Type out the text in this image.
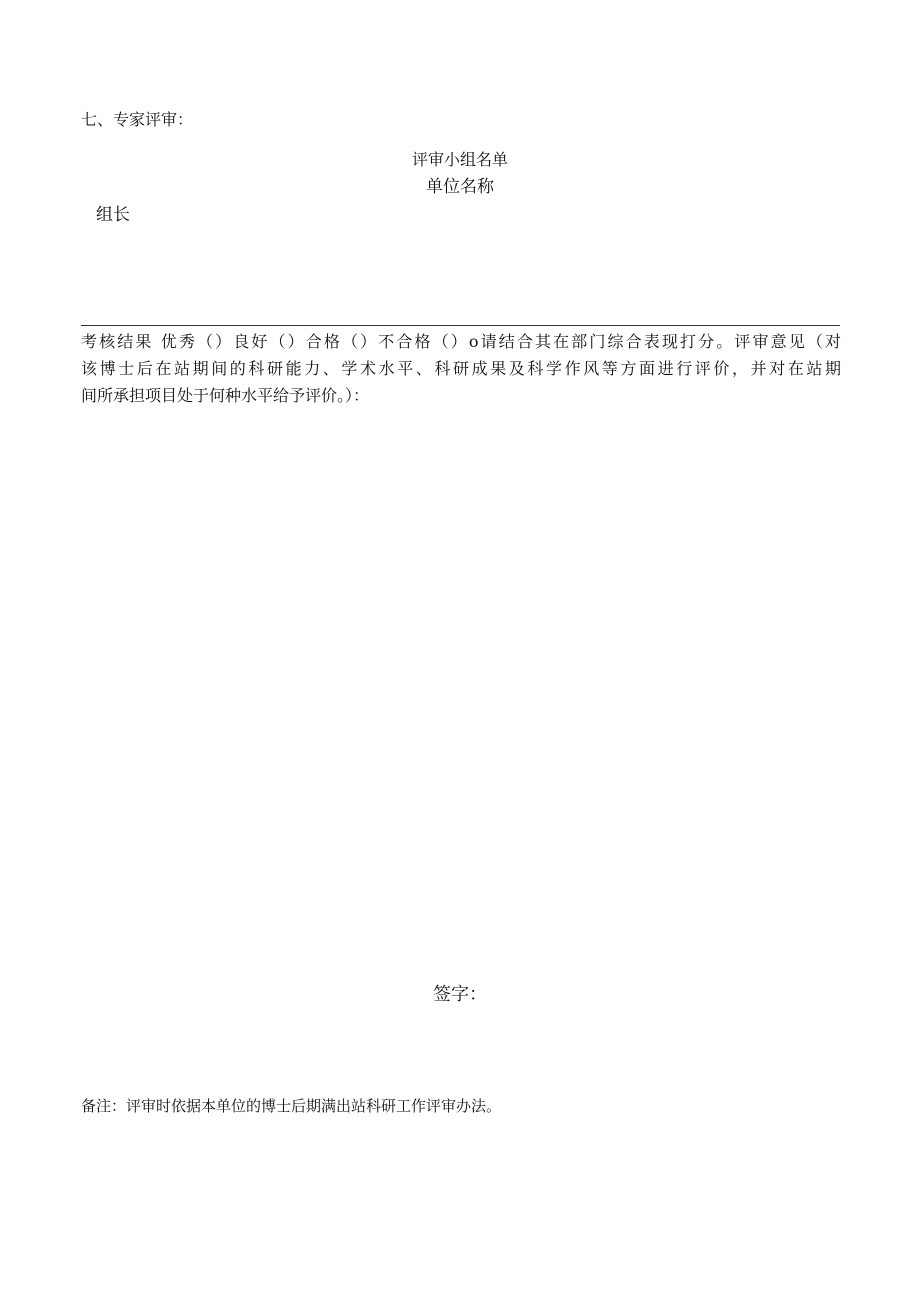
七、专家评审：
评审小组名单
单位名称
组长
考核结果 优秀（）良好（）合格（）不合格（）o请结合其在部门综合表现打分。评审意见（对
该博士后在站期间的科研能力、学术水平、科研成果及科学作风等方面进行评价，并对在站期
间所承担项目处于何种水平给予评价。）：
签字：
备注：评审时依据本单位的博士后期满出站科研工作评审办法。
